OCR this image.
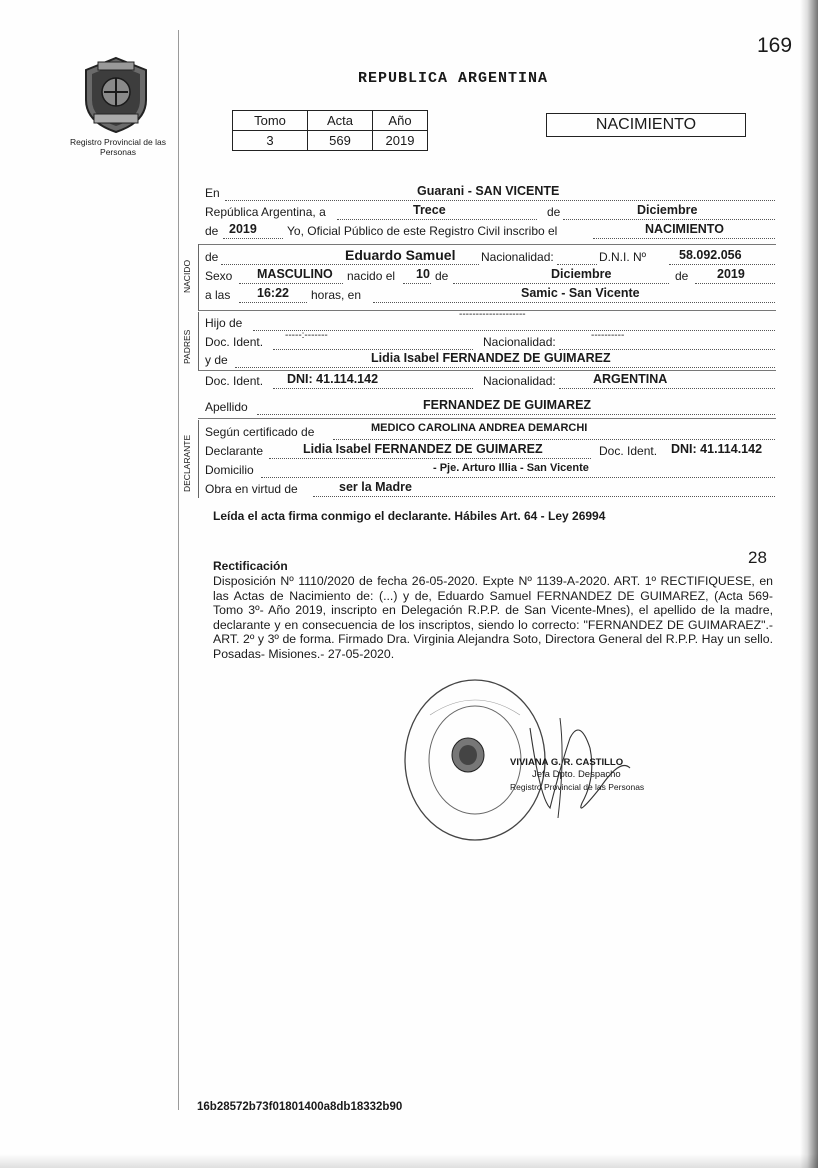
169
Registro Provincial de las Personas
REPUBLICA ARGENTINA
Tomo	Acta	Año
3	569	2019
NACIMIENTO
NACIDO
PADRES
DECLARANTE
En	Guarani - SAN VICENTE
República Argentina, a	Trece	de	Diciembre
de 2019	Yo, Oficial Público de este Registro Civil inscribo el	NACIMIENTO
de	Eduardo Samuel Nacionalidad:	D.N.I. Nº	58.092.056
Sexo MASCULINO nacido el 10 de	Diciembre	de 2019
a las 16:22 horas, en	Samic - San Vicente
Hijo de
--------------------
Doc. Ident. -----:-------	Nacionalidad:	----------
y de	Lidia Isabel FERNANDEZ DE GUIMAREZ
Doc. Ident. DNI: 41.114.142	Nacionalidad:	ARGENTINA
Apellido	FERNANDEZ DE GUIMAREZ
Según certificado de	MEDICO CAROLINA ANDREA DEMARCHI
Declarante	Lidia Isabel FERNANDEZ DE GUIMAREZ	Doc. Ident. DNI: 41.114.142
Domicilio	- Pje. Arturo Illia - San Vicente
Obra en virtud de	ser la Madre
Leída el acta firma conmigo el declarante. Hábiles Art. 64 - Ley 26994
28
Rectificación
Disposición Nº 1110/2020 de fecha 26-05-2020. Expte Nº 1139-A-2020. ART. 1º RECTIFIQUESE, en las Actas de Nacimiento de: (...) y de, Eduardo Samuel FERNANDEZ DE GUIMAREZ, (Acta 569- Tomo 3º- Año 2019, inscripto en Delegación R.P.P. de San Vicente-Mnes), el apellido de la madre, declarante y en consecuencia de los inscriptos, siendo lo correcto: "FERNANDEZ DE GUIMARAEZ".- ART. 2º y 3º de forma. Firmado Dra. Virginia Alejandra Soto, Directora General del R.P.P. Hay un sello. Posadas- Misiones.- 27-05-2020.
VIVIANA G. R. CASTILLO
Jefa Dpto. Despacho
Registro Provincial de las Personas
16b28572b73f01801400a8db18332b90
